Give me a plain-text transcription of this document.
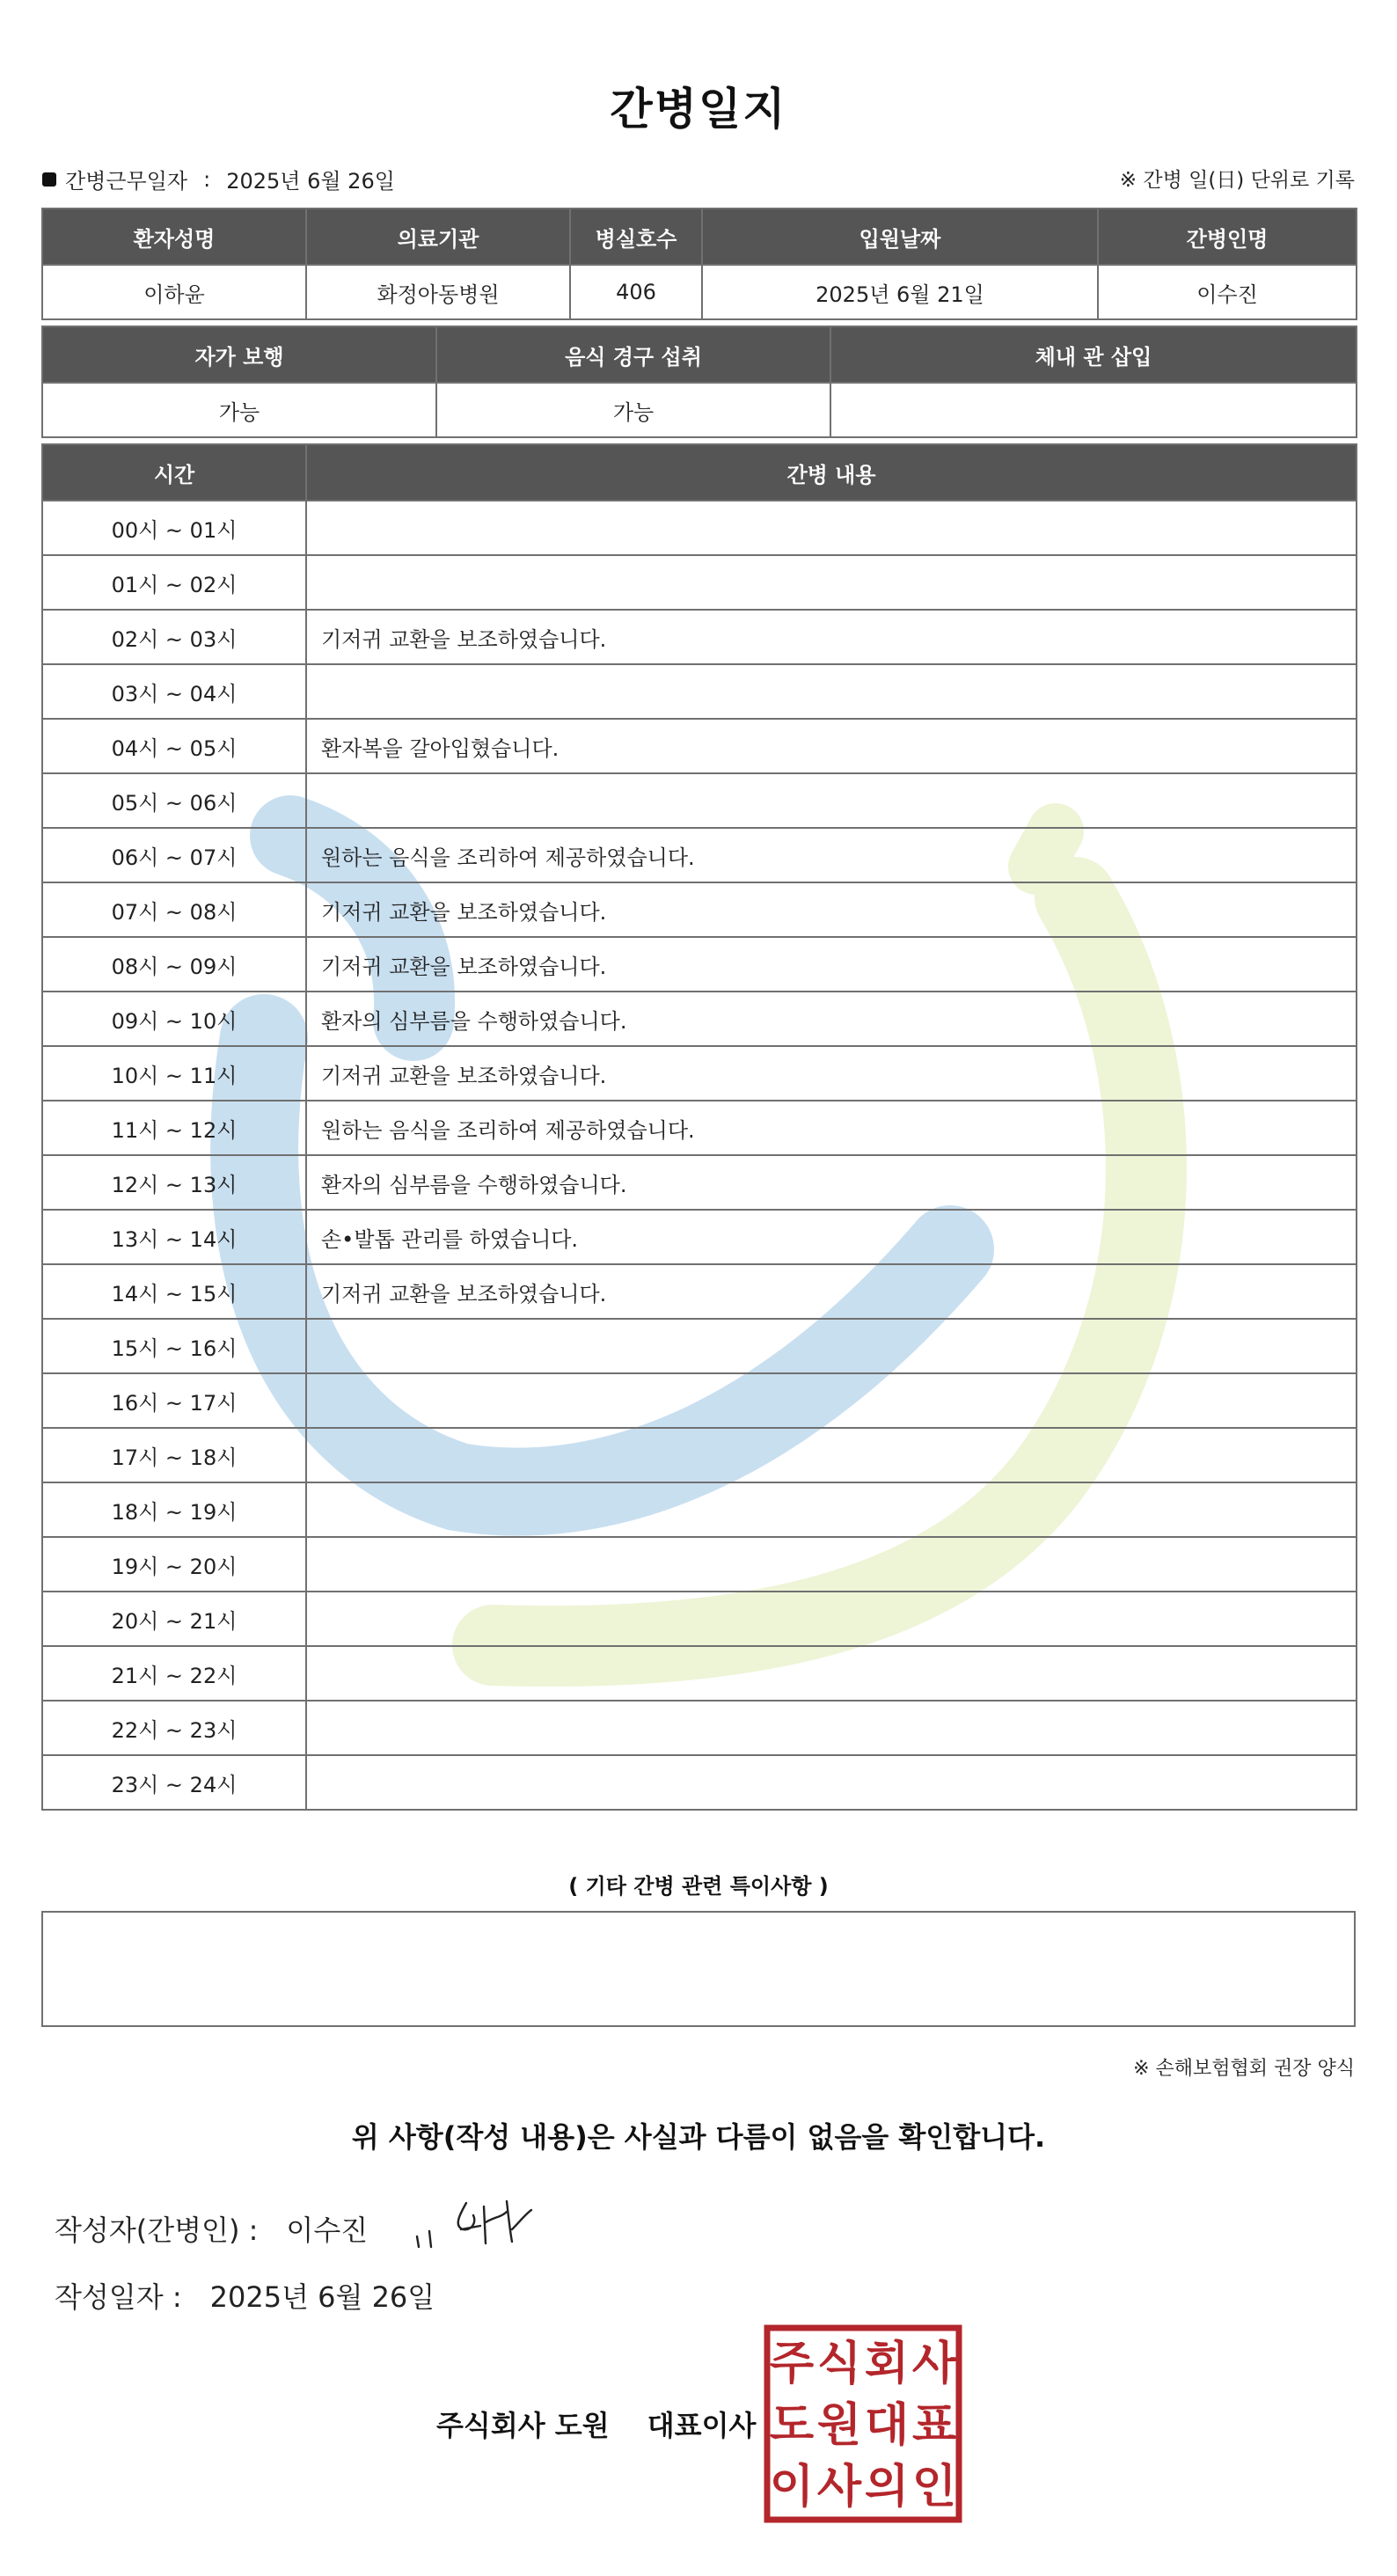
간병일지
간병근무일자 : 2025년 6월 26일	※ 간병 일(日) 단위로 기록
환자성명	의료기관	병실호수	입원날짜	간병인명
이하윤	화정아동병원	406	2025년 6월 21일	이수진
자가 보행	음식 경구 섭취	체내 관 삽입
가능	가능	
시간	간병 내용
00시 ~ 01시	
01시 ~ 02시	
02시 ~ 03시	기저귀 교환을 보조하였습니다.
03시 ~ 04시	
04시 ~ 05시	환자복을 갈아입혔습니다.
05시 ~ 06시	
06시 ~ 07시	원하는 음식을 조리하여 제공하였습니다.
07시 ~ 08시	기저귀 교환을 보조하였습니다.
08시 ~ 09시	기저귀 교환을 보조하였습니다.
09시 ~ 10시	환자의 심부름을 수행하였습니다.
10시 ~ 11시	기저귀 교환을 보조하였습니다.
11시 ~ 12시	원하는 음식을 조리하여 제공하였습니다.
12시 ~ 13시	환자의 심부름을 수행하였습니다.
13시 ~ 14시	손•발톱 관리를 하였습니다.
14시 ~ 15시	기저귀 교환을 보조하였습니다.
15시 ~ 16시	
16시 ~ 17시	
17시 ~ 18시	
18시 ~ 19시	
19시 ~ 20시	
20시 ~ 21시	
21시 ~ 22시	
22시 ~ 23시	
23시 ~ 24시	
( 기타 간병 관련 특이사항 )
※ 손해보험협회 권장 양식
위 사항(작성 내용)은 사실과 다름이 없음을 확인합니다.
작성자(간병인) : 이수진
작성일자 : 2025년 6월 26일
주식회사 도원 대표이사
주 식 회 사
도 원 대 표
이 사 의 인
